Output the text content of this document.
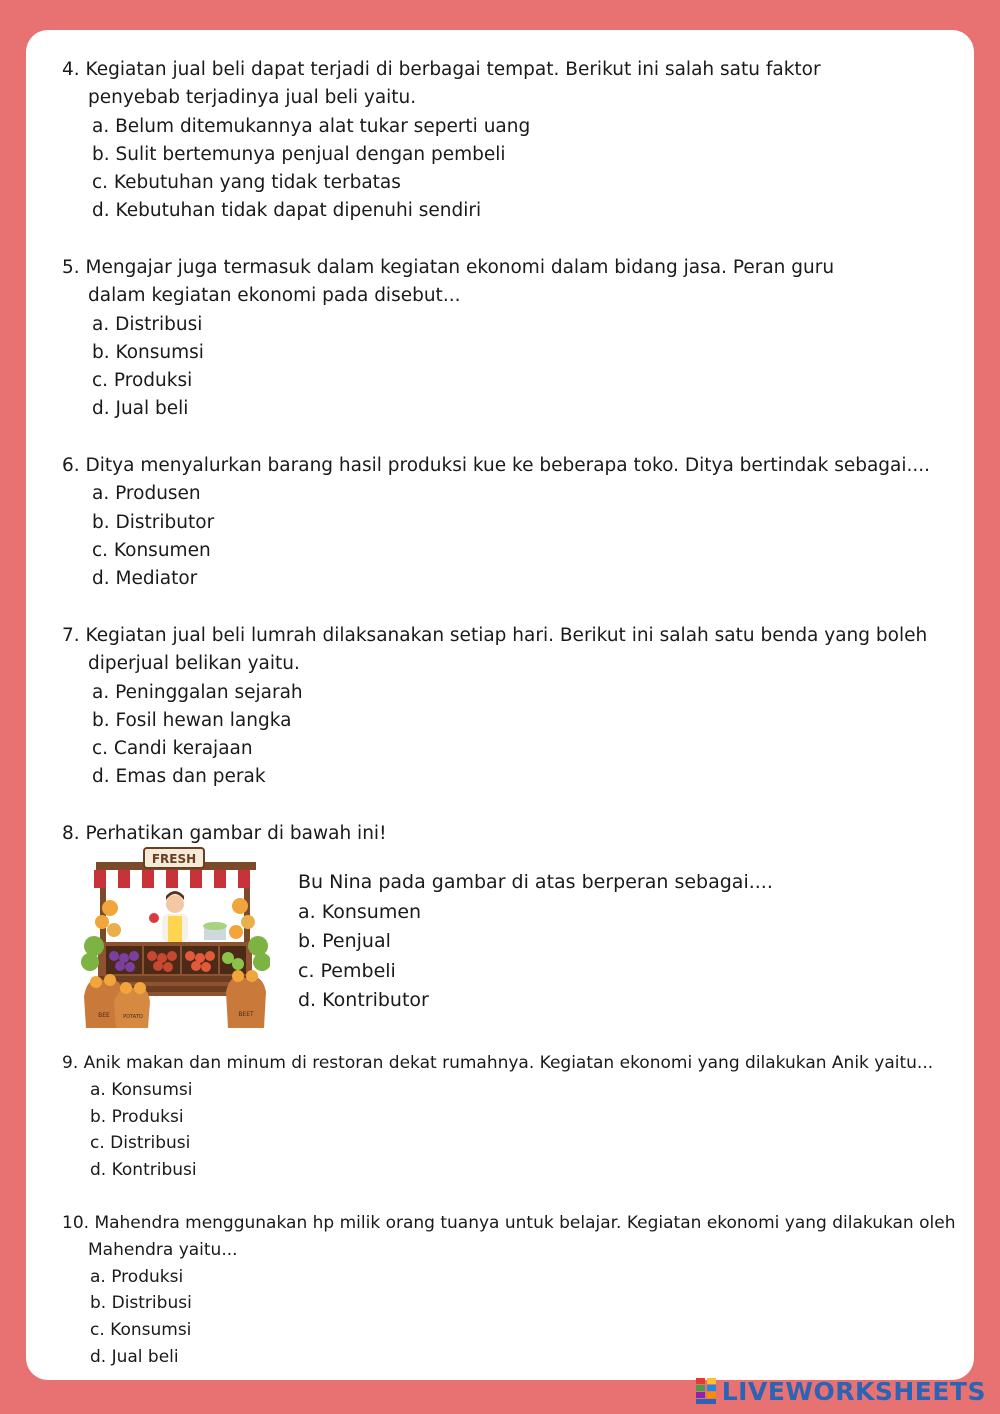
4. Kegiatan jual beli dapat terjadi di berbagai tempat. Berikut ini salah satu faktor penyebab terjadinya jual beli yaitu.
a. Belum ditemukannya alat tukar seperti uang
b. Sulit bertemunya penjual dengan pembeli
c. Kebutuhan yang tidak terbatas
d. Kebutuhan tidak dapat dipenuhi sendiri
5. Mengajar juga termasuk dalam kegiatan ekonomi dalam bidang jasa. Peran guru dalam kegiatan ekonomi pada disebut...
a. Distribusi
b. Konsumsi
c. Produksi
d. Jual beli
6. Ditya menyalurkan barang hasil produksi kue ke beberapa toko. Ditya bertindak sebagai....
a. Produsen
b. Distributor
c. Konsumen
d. Mediator
7. Kegiatan jual beli lumrah dilaksanakan setiap hari. Berikut ini salah satu benda yang boleh diperjual belikan yaitu.
a. Peninggalan sejarah
b. Fosil hewan langka
c. Candi kerajaan
d. Emas dan perak
8. Perhatikan gambar di bawah ini!
FRESH
BEE	POTATO	BEET
Bu Nina pada gambar di atas berperan sebagai....
a. Konsumen
b. Penjual
c. Pembeli
d. Kontributor
9. Anik makan dan minum di restoran dekat rumahnya. Kegiatan ekonomi yang dilakukan Anik yaitu...
a. Konsumsi
b. Produksi
c. Distribusi
d. Kontribusi
10. Mahendra menggunakan hp milik orang tuanya untuk belajar. Kegiatan ekonomi yang dilakukan oleh Mahendra yaitu...
a. Produksi
b. Distribusi
c. Konsumsi
d. Jual beli
LIVEWORKSHEETS
